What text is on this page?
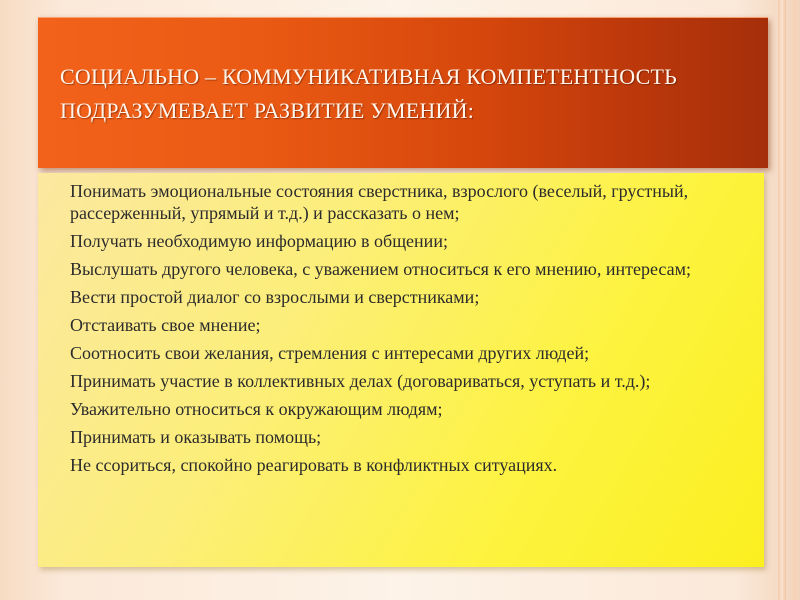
СОЦИАЛЬНО – КОММУНИКАТИВНАЯ КОМПЕТЕНТНОСТЬ
ПОДРАЗУМЕВАЕТ РАЗВИТИЕ УМЕНИЙ:
Понимать эмоциональные состояния сверстника, взрослого (веселый, грустный, рассерженный, упрямый и т.д.) и рассказать о нем;
Получать необходимую информацию в общении;
Выслушать другого человека, с уважением относиться к его мнению, интересам;
Вести простой диалог со взрослыми и сверстниками;
Отстаивать свое мнение;
Соотносить свои желания, стремления с интересами других людей;
Принимать участие в коллективных делах (договариваться, уступать и т.д.);
Уважительно относиться к окружающим людям;
Принимать и оказывать помощь;
Не ссориться, спокойно реагировать в конфликтных ситуациях.
